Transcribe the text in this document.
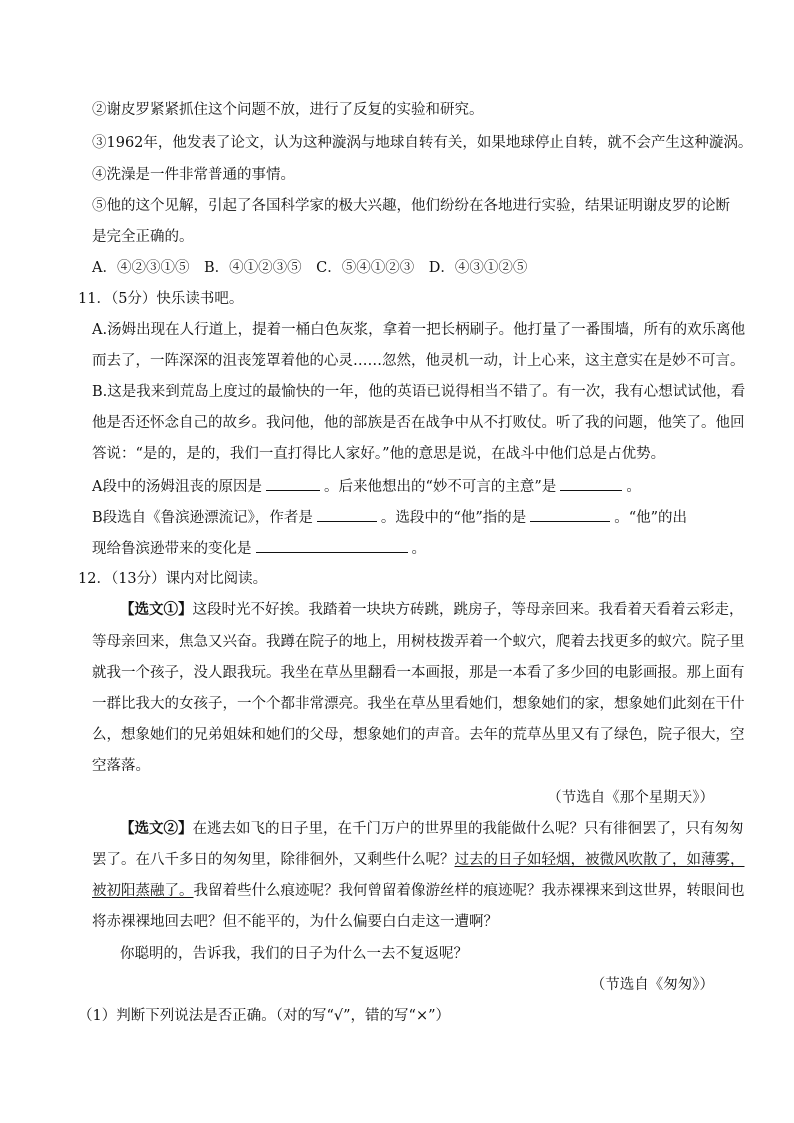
②谢皮罗紧紧抓住这个问题不放，进行了反复的实验和研究。
③1962年，他发表了论文，认为这种漩涡与地球自转有关，如果地球停止自转，就不会产生这种漩涡。
④洗澡是一件非常普通的事情。
⑤他的这个见解，引起了各国科学家的极大兴趣，他们纷纷在各地进行实验，结果证明谢皮罗的论断
是完全正确的。
A．④②③①⑤　B．④①②③⑤　C．⑤④①②③　D．④③①②⑤
11．（5分）快乐读书吧。
A.汤姆出现在人行道上，提着一桶白色灰浆，拿着一把长柄刷子。他打量了一番围墙，所有的欢乐离他
而去了，一阵深深的沮丧笼罩着他的心灵……忽然，他灵机一动，计上心来，这主意实在是妙不可言。
B.这是我来到荒岛上度过的最愉快的一年，他的英语已说得相当不错了。有一次，我有心想试试他，看
他是否还怀念自己的故乡。我问他，他的部族是否在战争中从不打败仗。听了我的问题，他笑了。他回
答说：“是的，是的，我们一直打得比人家好。”他的意思是说，在战斗中他们总是占优势。
A段中的汤姆沮丧的原因是	。后来他想出的“妙不可言的主意”是	。
B段选自《鲁滨逊漂流记》，作者是	。选段中的“他”指的是	。“他”的出
现给鲁滨逊带来的变化是	。
12．（13分）课内对比阅读。
【选文①】这段时光不好挨。我踏着一块块方砖跳，跳房子，等母亲回来。我看着天看着云彩走，
等母亲回来，焦急又兴奋。我蹲在院子的地上，用树枝拨弄着一个蚁穴，爬着去找更多的蚁穴。院子里
就我一个孩子，没人跟我玩。我坐在草丛里翻看一本画报，那是一本看了多少回的电影画报。那上面有
一群比我大的女孩子，一个个都非常漂亮。我坐在草丛里看她们，想象她们的家，想象她们此刻在干什
么，想象她们的兄弟姐妹和她们的父母，想象她们的声音。去年的荒草丛里又有了绿色，院子很大，空
空落落。
（节选自《那个星期天》）
【选文②】在逃去如飞的日子里，在千门万户的世界里的我能做什么呢？只有徘徊罢了，只有匆匆
罢了。在八千多日的匆匆里，除徘徊外，又剩些什么呢？过去的日子如轻烟，被微风吹散了，如薄雾，
被初阳蒸融了。我留着些什么痕迹呢？我何曾留着像游丝样的痕迹呢？我赤裸裸来到这世界，转眼间也
将赤裸裸地回去吧？但不能平的，为什么偏要白白走这一遭啊？
你聪明的，告诉我，我们的日子为什么一去不复返呢？
（节选自《匆匆》）
（1）判断下列说法是否正确。（对的写“√”，错的写“×”）
